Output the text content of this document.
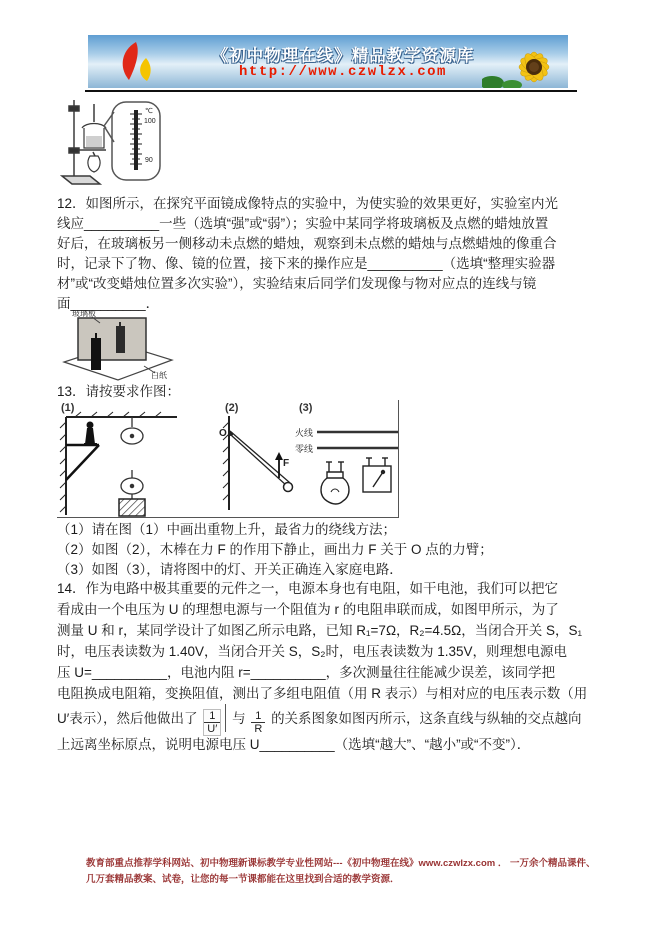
《初中物理在线》精品教学资源库
http://www.czwlzx.com
℃
100
90
12．如图所示，在探究平面镜成像特点的实验中，为使实验的效果更好，实验室内光
线应__________一些（选填“强”或“弱”）；实验中某同学将玻璃板及点燃的蜡烛放置
好后，在玻璃板另一侧移动未点燃的蜡烛，观察到未点燃的蜡烛与点燃蜡烛的像重合
时，记录下了物、像、镜的位置，接下来的操作应是__________（选填“整理实验器
材”或“改变蜡烛位置多次实验”），实验结束后同学们发现像与物对应点的连线与镜
面__________．
玻璃板
白纸
13．请按要求作图：
(1)	(2)	(3)
O
F
火线
零线
（1）请在图（1）中画出重物上升，最省力的绕线方法；
（2）如图（2），木棒在力 F 的作用下静止，画出力 F 关于 O 点的力臂；
（3）如图（3），请将图中的灯、开关正确连入家庭电路．
14．作为电路中极其重要的元件之一，电源本身也有电阻，如干电池，我们可以把它
看成由一个电压为 U 的理想电源与一个阻值为 r 的电阻串联而成，如图甲所示，为了
测量 U 和 r，某同学设计了如图乙所示电路，已知 R₁=7Ω，R₂=4.5Ω，当闭合开关 S，S₁
时，电压表读数为 1.40V，当闭合开关 S，S₂时，电压表读数为 1.35V，则理想电源电
压 U=__________，电池内阻 r=__________，多次测量往往能减少误差，该同学把
电阻换成电阻箱，变换阻值，测出了多组电阻值（用 R 表示）与相对应的电压表示数（用
U′表示），然后他做出了 $\frac{1}{U'}$ 与 $\frac{1}{R}$ 的关系图象如图丙所示，这条直线与纵轴的交点越向
上远离坐标原点，说明电源电压 U__________（选填“越大”、“越小”或“不变”）．
教育部重点推荐学科网站、初中物理新课标教学专业性网站---《初中物理在线》www.czwlzx.com ． 一万余个精品课件、
几万套精品教案、试卷，让您的每一节课都能在这里找到合适的教学资源．
